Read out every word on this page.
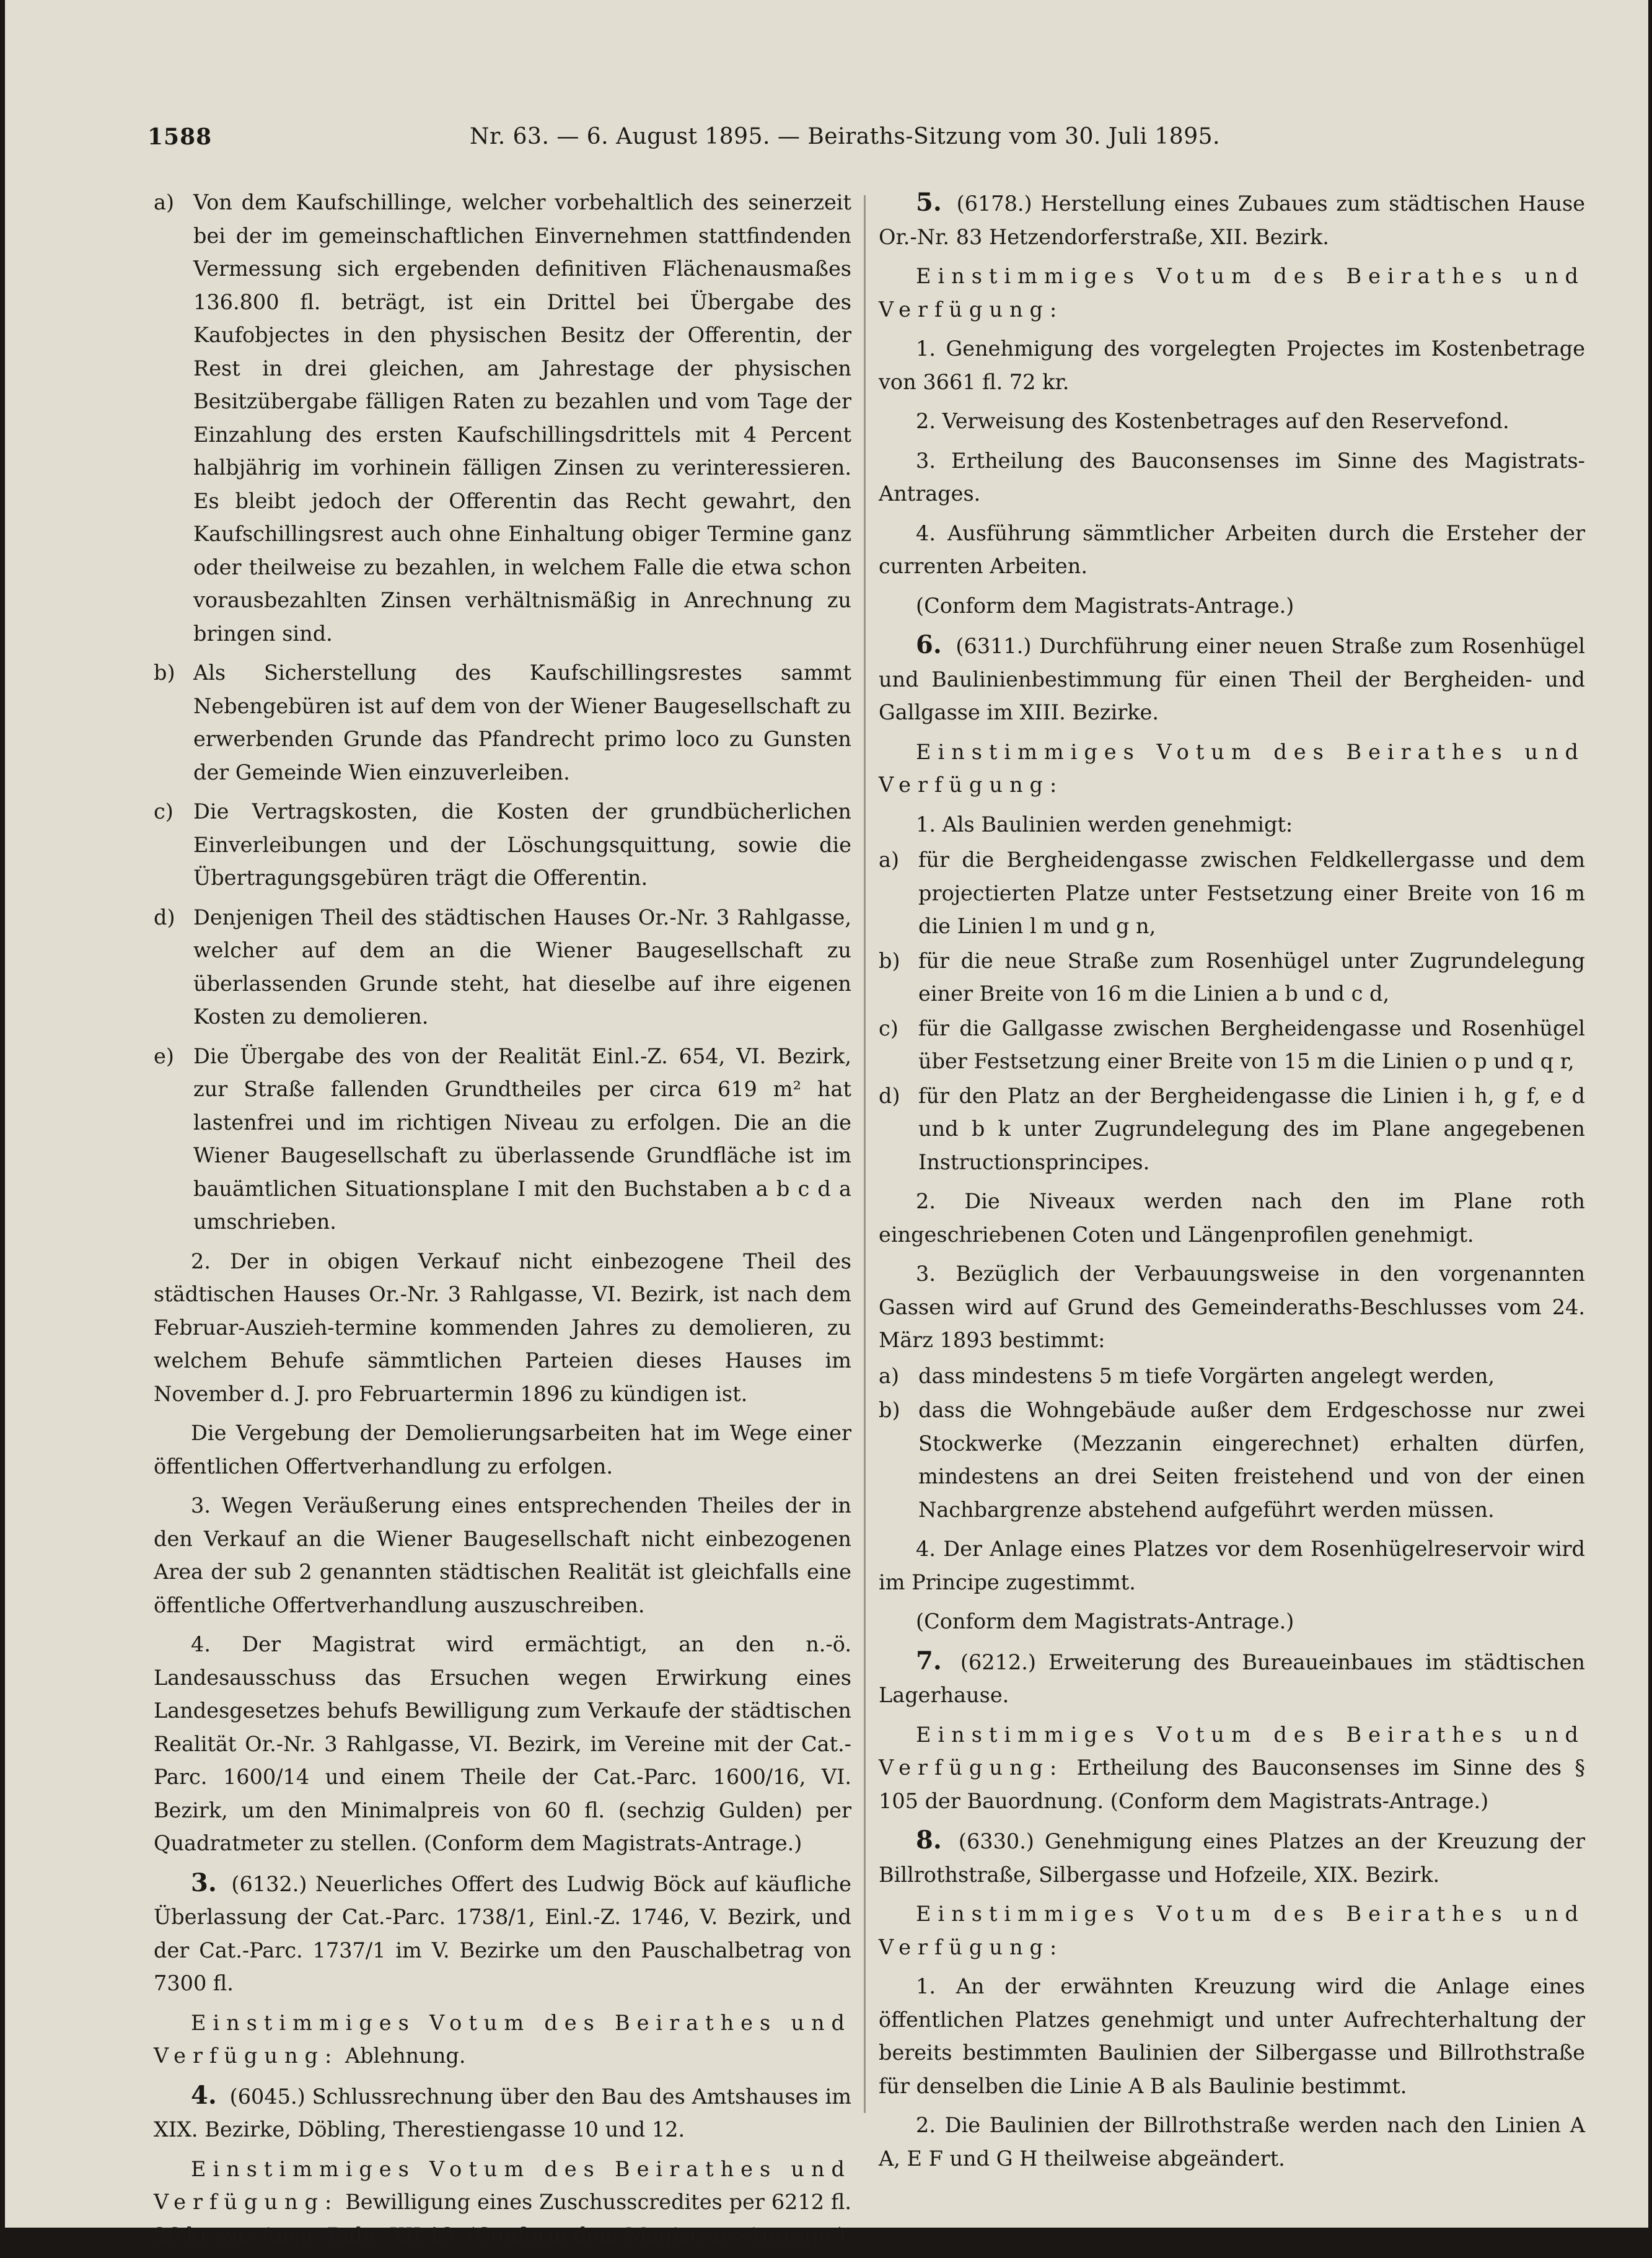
1588	Nr. 63. — 6. August 1895. — Beiraths-Sitzung vom 30. Juli 1895.
a) Von dem Kaufschillinge, welcher vorbehaltlich des seinerzeit bei der im gemeinschaftlichen Einvernehmen stattfindenden Vermessung sich ergebenden definitiven Flächenausmaßes 136.800 fl. beträgt, ist ein Drittel bei Übergabe des Kaufobjectes in den physischen Besitz der Offerentin, der Rest in drei gleichen, am Jahrestage der physischen Besitzübergabe fälligen Raten zu bezahlen und vom Tage der Einzahlung des ersten Kaufschillingsdrittels mit 4 Percent halbjährig im vorhinein fälligen Zinsen zu verinteressieren. Es bleibt jedoch der Offerentin das Recht gewahrt, den Kaufschillingsrest auch ohne Einhaltung obiger Termine ganz oder theilweise zu bezahlen, in welchem Falle die etwa schon vorausbezahlten Zinsen verhältnismäßig in Anrechnung zu bringen sind.
b) Als Sicherstellung des Kaufschillingsrestes sammt Nebengebüren ist auf dem von der Wiener Baugesellschaft zu erwerbenden Grunde das Pfandrecht primo loco zu Gunsten der Gemeinde Wien einzuverleiben.
c) Die Vertragskosten, die Kosten der grundbücherlichen Einverleibungen und der Löschungsquittung, sowie die Übertragungsgebüren trägt die Offerentin.
d) Denjenigen Theil des städtischen Hauses Or.-Nr. 3 Rahlgasse, welcher auf dem an die Wiener Baugesellschaft zu überlassenden Grunde steht, hat dieselbe auf ihre eigenen Kosten zu demolieren.
e) Die Übergabe des von der Realität Einl.-Z. 654, VI. Bezirk, zur Straße fallenden Grundtheiles per circa 619 m² hat lastenfrei und im richtigen Niveau zu erfolgen. Die an die Wiener Baugesellschaft zu überlassende Grundfläche ist im bauämtlichen Situationsplane I mit den Buchstaben a b c d a umschrieben.

2. Der in obigen Verkauf nicht einbezogene Theil des städtischen Hauses Or.-Nr. 3 Rahlgasse, VI. Bezirk, ist nach dem Februar-Auszieh-termine kommenden Jahres zu demolieren, zu welchem Behufe sämmtlichen Parteien dieses Hauses im November d. J. pro Februartermin 1896 zu kündigen ist.

Die Vergebung der Demolierungsarbeiten hat im Wege einer öffentlichen Offertverhandlung zu erfolgen.

3. Wegen Veräußerung eines entsprechenden Theiles der in den Verkauf an die Wiener Baugesellschaft nicht einbezogenen Area der sub 2 genannten städtischen Realität ist gleichfalls eine öffentliche Offertverhandlung auszuschreiben.

4. Der Magistrat wird ermächtigt, an den n.-ö. Landesausschuss das Ersuchen wegen Erwirkung eines Landesgesetzes behufs Bewilligung zum Verkaufe der städtischen Realität Or.-Nr. 3 Rahlgasse, VI. Bezirk, im Vereine mit der Cat.-Parc. 1600/14 und einem Theile der Cat.-Parc. 1600/16, VI. Bezirk, um den Minimalpreis von 60 fl. (sechzig Gulden) per Quadratmeter zu stellen. (Conform dem Magistrats-Antrage.)

3. (6132.) Neuerliches Offert des Ludwig Böck auf käufliche Überlassung der Cat.-Parc. 1738/1, Einl.-Z. 1746, V. Bezirk, und der Cat.-Parc. 1737/1 im V. Bezirke um den Pauschalbetrag von 7300 fl.

Einstimmiges Votum des Beirathes und Verfügung: Ablehnung.

4. (6045.) Schlussrechnung über den Bau des Amtshauses im XIX. Bezirke, Döbling, Therestiengasse 10 und 12.

Einstimmiges Votum des Beirathes und Verfügung: Bewilligung eines Zuschusscredites per 6212 fl. 26 kr. zur Ausg.-Rubr. XII 13. (Conform dem Magistrats-Antrage.)

5. (6178.) Herstellung eines Zubaues zum städtischen Hause Or.-Nr. 83 Hetzendorferstraße, XII. Bezirk.

Einstimmiges Votum des Beirathes und Verfügung:

1. Genehmigung des vorgelegten Projectes im Kostenbetrage von 3661 fl. 72 kr.

2. Verweisung des Kostenbetrages auf den Reservefond.

3. Ertheilung des Bauconsenses im Sinne des Magistrats-Antrages.

4. Ausführung sämmtlicher Arbeiten durch die Ersteher der currenten Arbeiten.

(Conform dem Magistrats-Antrage.)

6. (6311.) Durchführung einer neuen Straße zum Rosenhügel und Baulinienbestimmung für einen Theil der Bergheiden- und Gallgasse im XIII. Bezirke.

Einstimmiges Votum des Beirathes und Verfügung:

1. Als Baulinien werden genehmigt:

a) für die Bergheidengasse zwischen Feldkellergasse und dem projectierten Platze unter Festsetzung einer Breite von 16 m die Linien l m und g n,
b) für die neue Straße zum Rosenhügel unter Zugrundelegung einer Breite von 16 m die Linien a b und c d,
c) für die Gallgasse zwischen Bergheidengasse und Rosenhügel über Festsetzung einer Breite von 15 m die Linien o p und q r,
d) für den Platz an der Bergheidengasse die Linien i h, g f, e d und b k unter Zugrundelegung des im Plane angegebenen Instructionsprincipes.

2. Die Niveaux werden nach den im Plane roth eingeschriebenen Coten und Längenprofilen genehmigt.

3. Bezüglich der Verbauungsweise in den vorgenannten Gassen wird auf Grund des Gemeinderaths-Beschlusses vom 24. März 1893 bestimmt:

a) dass mindestens 5 m tiefe Vorgärten angelegt werden,
b) dass die Wohngebäude außer dem Erdgeschosse nur zwei Stockwerke (Mezzanin eingerechnet) erhalten dürfen, mindestens an drei Seiten freistehend und von der einen Nachbargrenze abstehend aufgeführt werden müssen.

4. Der Anlage eines Platzes vor dem Rosenhügelreservoir wird im Principe zugestimmt.

(Conform dem Magistrats-Antrage.)

7. (6212.) Erweiterung des Bureaueinbaues im städtischen Lagerhause.

Einstimmiges Votum des Beirathes und Verfügung: Ertheilung des Bauconsenses im Sinne des § 105 der Bauordnung. (Conform dem Magistrats-Antrage.)

8. (6330.) Genehmigung eines Platzes an der Kreuzung der Billrothstraße, Silbergasse und Hofzeile, XIX. Bezirk.

Einstimmiges Votum des Beirathes und Verfügung:

1. An der erwähnten Kreuzung wird die Anlage eines öffentlichen Platzes genehmigt und unter Aufrechterhaltung der bereits bestimmten Baulinien der Silbergasse und Billrothstraße für denselben die Linie A B als Baulinie bestimmt.

2. Die Baulinien der Billrothstraße werden nach den Linien A A, E F und G H theilweise abgeändert.
